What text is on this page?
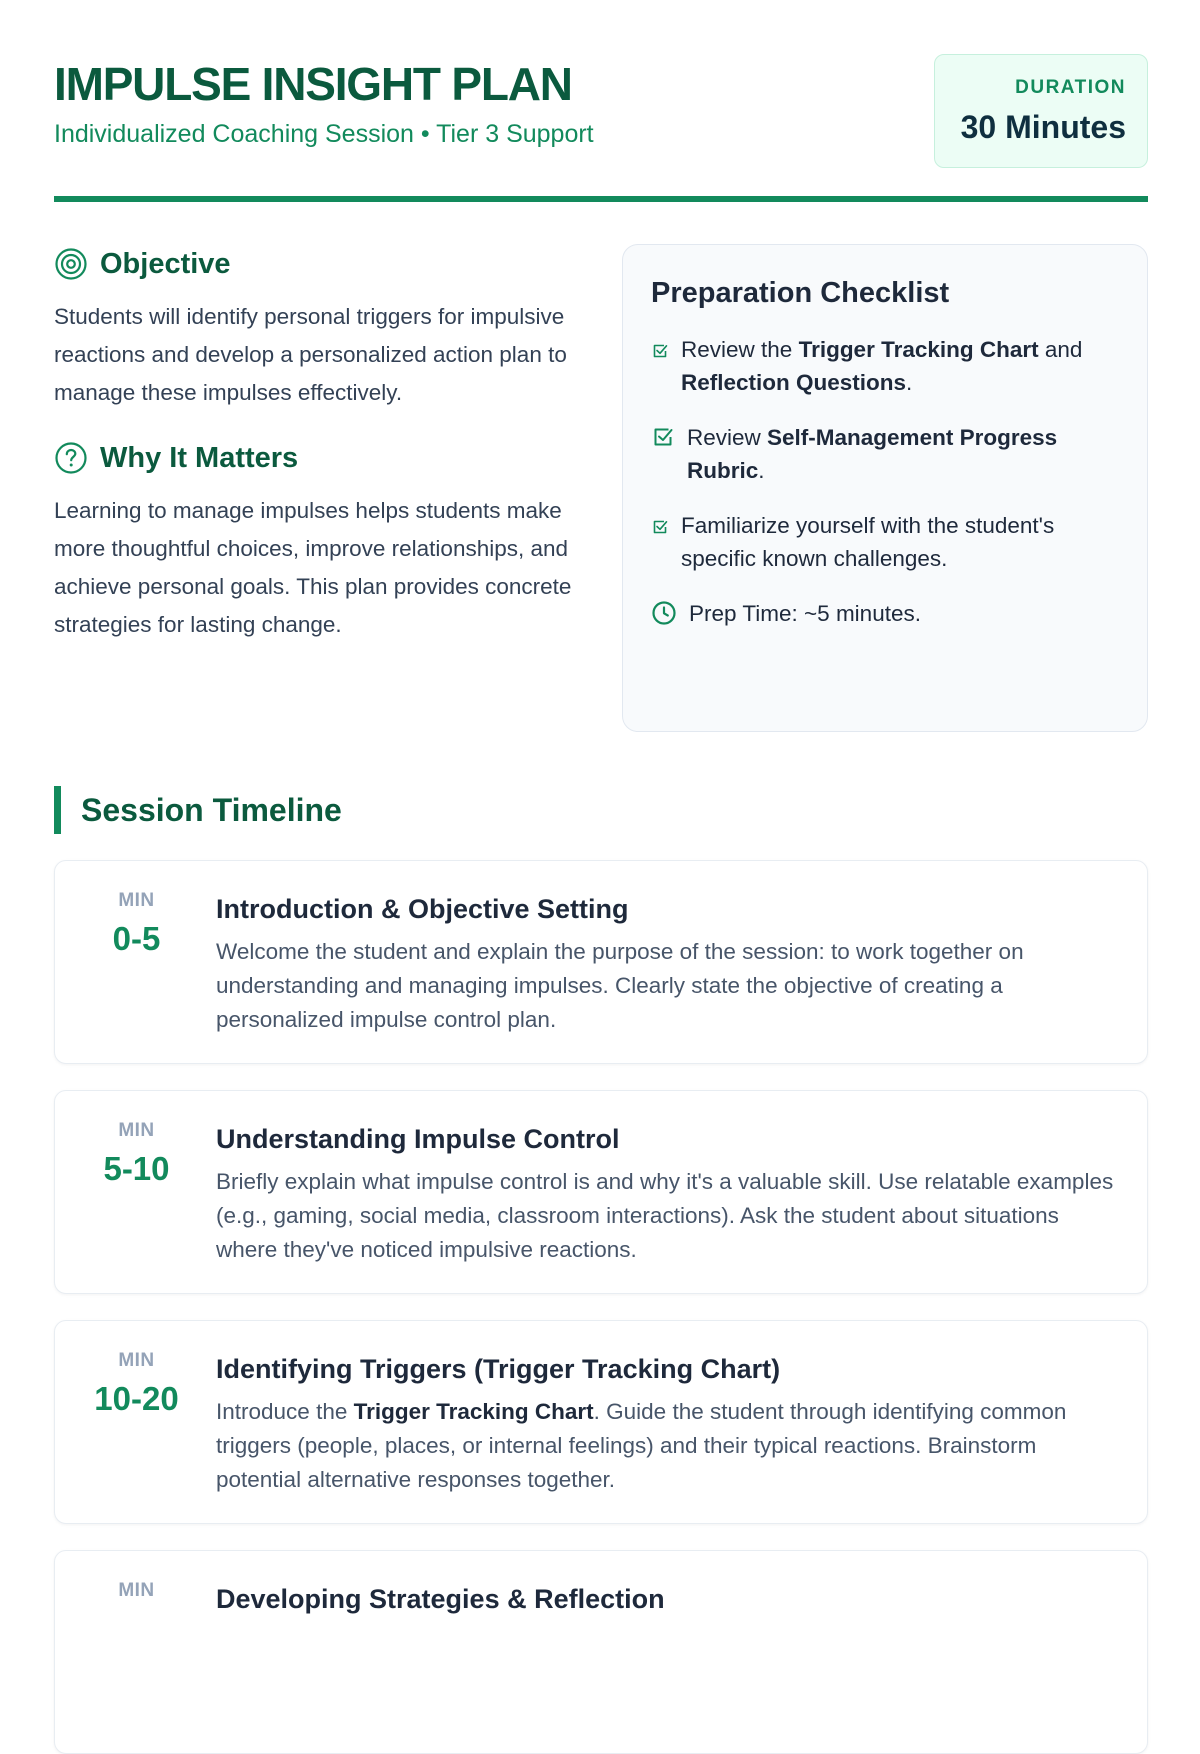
IMPULSE INSIGHT PLAN
Individualized Coaching Session • Tier 3 Support
DURATION
30 Minutes
Objective

Students will identify personal triggers for impulsive reactions and develop a personalized action plan to manage these impulses effectively.

Why It Matters

Learning to manage impulses helps students make more thoughtful choices, improve relationships, and achieve personal goals. This plan provides concrete strategies for lasting change.

Preparation Checklist
Review the Trigger Tracking Chart and Reflection Questions.
Review Self-Management Progress Rubric.
Familiarize yourself with the student's specific known challenges.
Prep Time: ~5 minutes.
Session Timeline
MIN
0-5
Introduction & Objective Setting
Welcome the student and explain the purpose of the session: to work together on understanding and managing impulses. Clearly state the objective of creating a personalized impulse control plan.
MIN
5-10
Understanding Impulse Control
Briefly explain what impulse control is and why it's a valuable skill. Use relatable examples (e.g., gaming, social media, classroom interactions). Ask the student about situations where they've noticed impulsive reactions.
MIN
10-20
Identifying Triggers (Trigger Tracking Chart)
Introduce the Trigger Tracking Chart. Guide the student through identifying common triggers (people, places, or internal feelings) and their typical reactions. Brainstorm potential alternative responses together.
MIN	Developing Strategies & Reflection
